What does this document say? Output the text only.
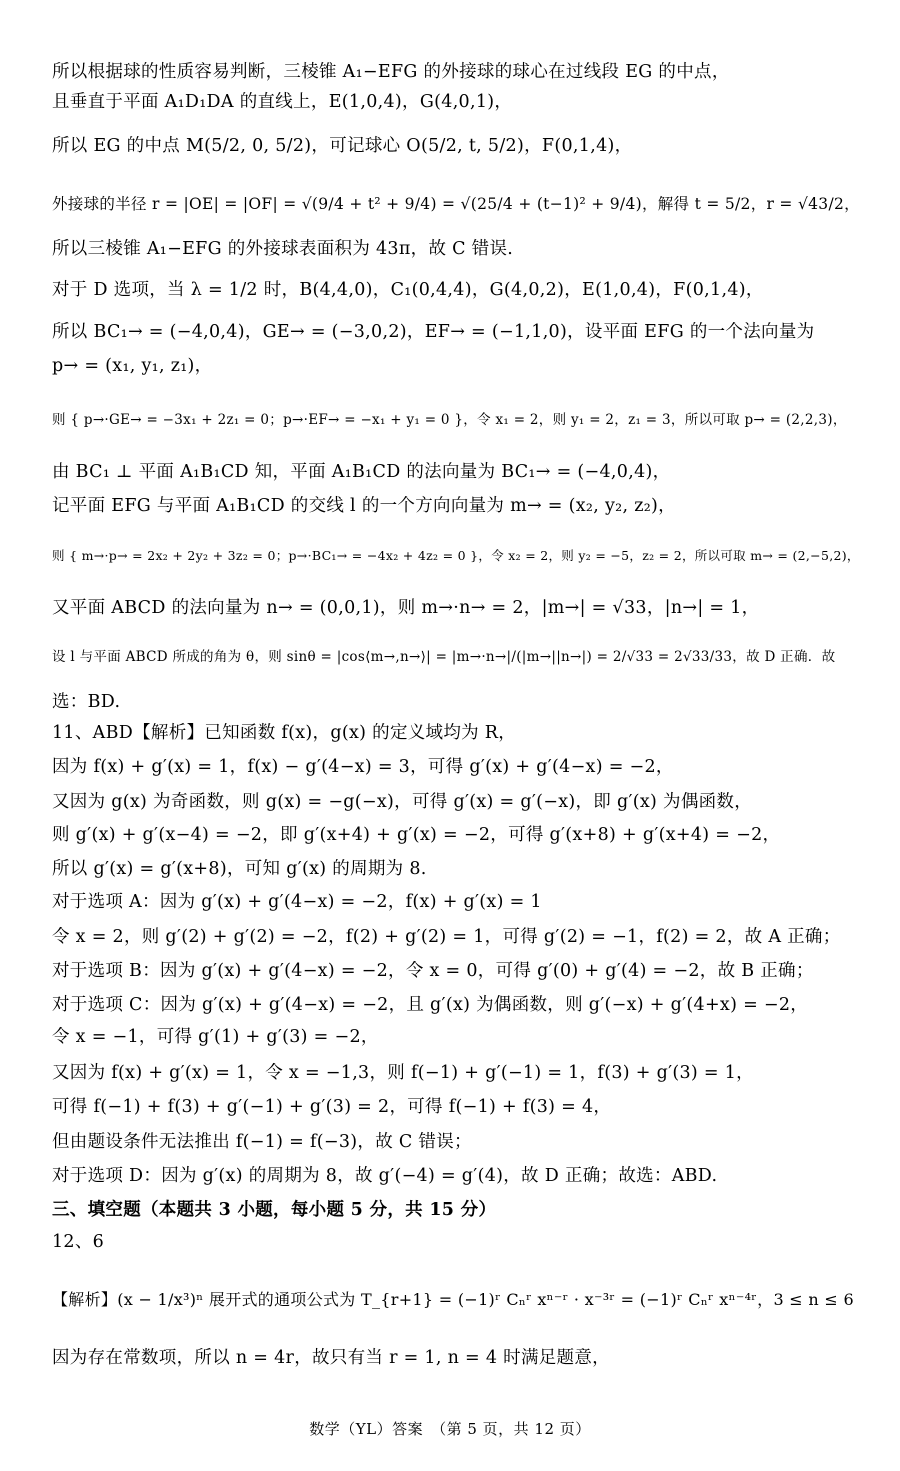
所以根据球的性质容易判断，三棱锥 A₁−EFG 的外接球的球心在过线段 EG 的中点，
且垂直于平面 A₁D₁DA 的直线上，E(1,0,4)，G(4,0,1)，
所以 EG 的中点 M(5/2, 0, 5/2)，可记球心 O(5/2, t, 5/2)，F(0,1,4)，
外接球的半径 r = |OE| = |OF| = √(9/4 + t² + 9/4) = √(25/4 + (t−1)² + 9/4)，解得 t = 5/2，r = √43/2，
所以三棱锥 A₁−EFG 的外接球表面积为 43π，故 C 错误.
对于 D 选项，当 λ = 1/2 时，B(4,4,0)，C₁(0,4,4)，G(4,0,2)，E(1,0,4)，F(0,1,4)，
所以 BC₁→ = (−4,0,4)，GE→ = (−3,0,2)，EF→ = (−1,1,0)，设平面 EFG 的一个法向量为
p→ = (x₁, y₁, z₁)，
则 { p→·GE→ = −3x₁ + 2z₁ = 0；p→·EF→ = −x₁ + y₁ = 0 }，令 x₁ = 2，则 y₁ = 2，z₁ = 3，所以可取 p→ = (2,2,3)，
由 BC₁ ⊥ 平面 A₁B₁CD 知，平面 A₁B₁CD 的法向量为 BC₁→ = (−4,0,4)，
记平面 EFG 与平面 A₁B₁CD 的交线 l 的一个方向向量为 m→ = (x₂, y₂, z₂)，
则 { m→·p→ = 2x₂ + 2y₂ + 3z₂ = 0；p→·BC₁→ = −4x₂ + 4z₂ = 0 }，令 x₂ = 2，则 y₂ = −5，z₂ = 2，所以可取 m→ = (2,−5,2)，
又平面 ABCD 的法向量为 n→ = (0,0,1)，则 m→·n→ = 2，|m→| = √33，|n→| = 1，
设 l 与平面 ABCD 所成的角为 θ，则 sinθ = |cos⟨m→,n→⟩| = |m→·n→|/(|m→||n→|) = 2/√33 = 2√33/33，故 D 正确．故
选：BD.
11、ABD【解析】已知函数 f(x)，g(x) 的定义域均为 R，
因为 f(x) + g′(x) = 1，f(x) − g′(4−x) = 3，可得 g′(x) + g′(4−x) = −2，
又因为 g(x) 为奇函数，则 g(x) = −g(−x)，可得 g′(x) = g′(−x)，即 g′(x) 为偶函数，
则 g′(x) + g′(x−4) = −2，即 g′(x+4) + g′(x) = −2，可得 g′(x+8) + g′(x+4) = −2，
所以 g′(x) = g′(x+8)，可知 g′(x) 的周期为 8.
对于选项 A：因为 g′(x) + g′(4−x) = −2，f(x) + g′(x) = 1
令 x = 2，则 g′(2) + g′(2) = −2，f(2) + g′(2) = 1，可得 g′(2) = −1，f(2) = 2，故 A 正确；
对于选项 B：因为 g′(x) + g′(4−x) = −2，令 x = 0，可得 g′(0) + g′(4) = −2，故 B 正确；
对于选项 C：因为 g′(x) + g′(4−x) = −2，且 g′(x) 为偶函数，则 g′(−x) + g′(4+x) = −2，
令 x = −1，可得 g′(1) + g′(3) = −2，
又因为 f(x) + g′(x) = 1，令 x = −1,3，则 f(−1) + g′(−1) = 1，f(3) + g′(3) = 1，
可得 f(−1) + f(3) + g′(−1) + g′(3) = 2，可得 f(−1) + f(3) = 4，
但由题设条件无法推出 f(−1) = f(−3)，故 C 错误；
对于选项 D：因为 g′(x) 的周期为 8，故 g′(−4) = g′(4)，故 D 正确；故选：ABD.
三、填空题（本题共 3 小题，每小题 5 分，共 15 分）
12、6
【解析】(x − 1/x³)ⁿ 展开式的通项公式为 T_{r+1} = (−1)ʳ Cₙʳ xⁿ⁻ʳ · x⁻³ʳ = (−1)ʳ Cₙʳ xⁿ⁻⁴ʳ，3 ≤ n ≤ 6
因为存在常数项，所以 n = 4r，故只有当 r = 1, n = 4 时满足题意，
数学（YL）答案　（第 5 页，共 12 页）
